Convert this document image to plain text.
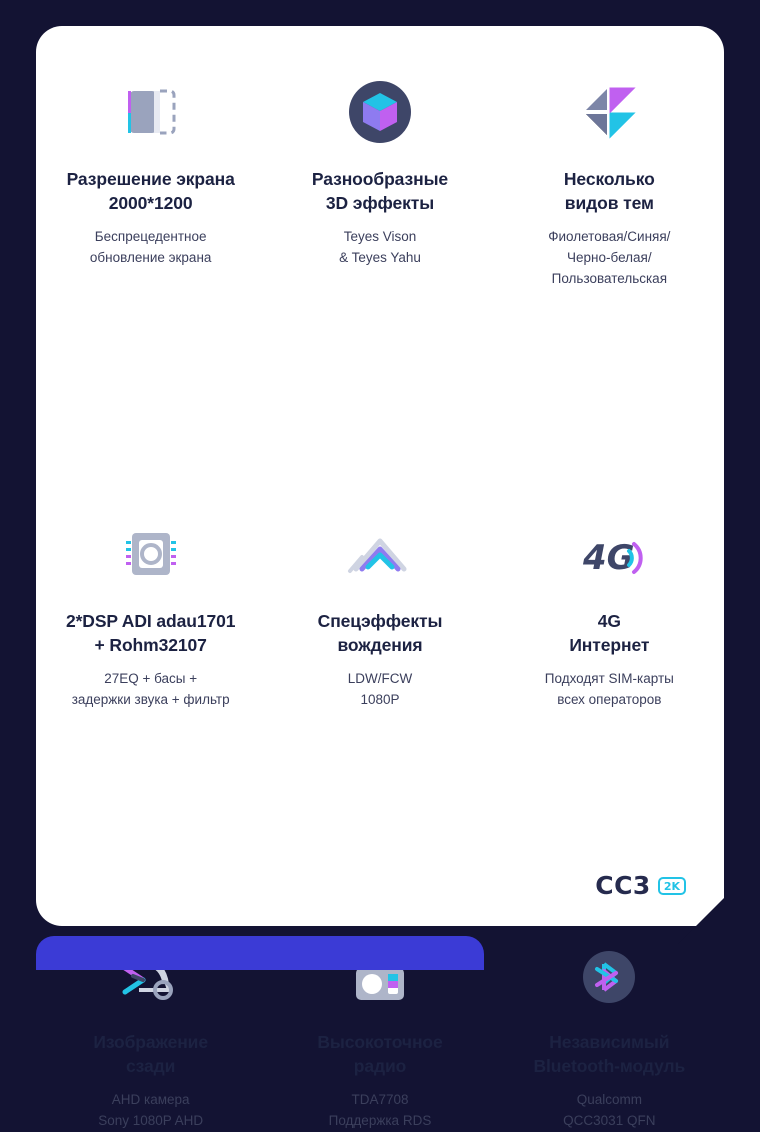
Разрешение экрана
2000*1200
Беспрецедентное
обновление экрана
Разнообразные
3D эффекты
Teyes Vison
& Teyes Yahu
Несколько
видов тем
Фиолетовая/Синяя/
Черно-белая/
Пользовательская
2*DSP ADI adau1701
+ Rohm32107
27EQ + басы +
задержки звука + фильтр
Спецэффекты
вождения
LDW/FCW
1080P
4G
4G
Интернет
Подходят SIM-карты
всех операторов
Изображение
сзади
AHD камера
Sony 1080P AHD
Высокоточное
радио
TDA7708
Поддержка RDS
Независимый
Bluetooth-модуль
Qualcomm
QCC3031 QFN
CC3	2K
